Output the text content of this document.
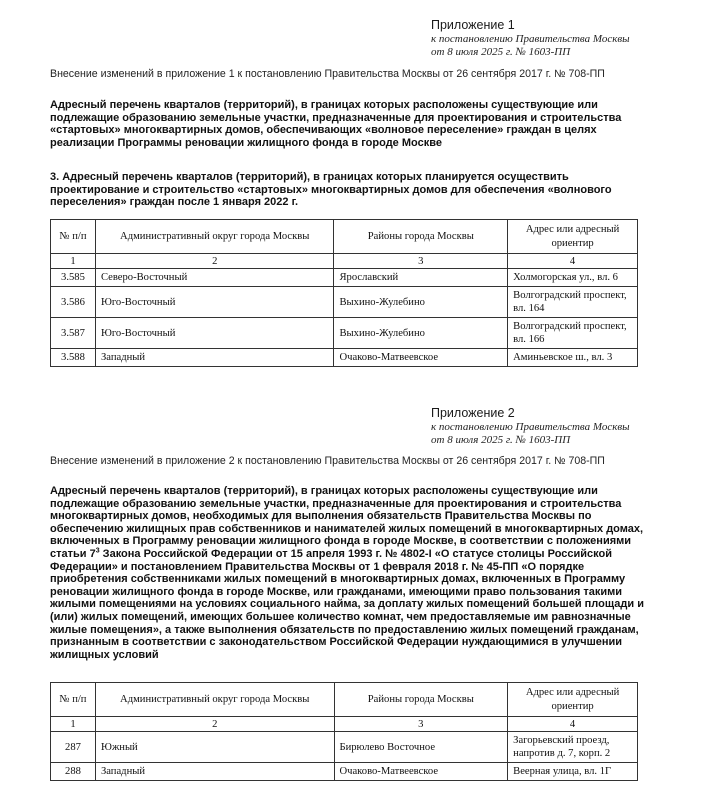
Приложение 1
к постановлению Правительства Москвы
от 8 июля 2025 г. № 1603-ПП
Внесение изменений в приложение 1 к постановлению Правительства Москвы от 26 сентября 2017 г. № 708-ПП

Адресный перечень кварталов (территорий), в границах которых расположены существующие или подлежащие образованию земельные участки, предназначенные для проектирования и строительства «стартовых» многоквартирных домов, обеспечивающих «волновое переселение» граждан в целях реализации Программы реновации жилищного фонда в городе Москве

3. Адресный перечень кварталов (территорий), в границах которых планируется осуществить проектирование и строительство «стартовых» многоквартирных домов для обеспечения «волнового переселения» граждан после 1 января 2022 г.

№ п/п	Административный округ города Москвы	Районы города Москвы	Адрес или адресный ориентир
1	2	3	4
3.585	Северо-Восточный	Ярославский	Холмогорская ул., вл. 6
3.586	Юго-Восточный	Выхино-Жулебино	Волгоградский проспект, вл. 164
3.587	Юго-Восточный	Выхино-Жулебино	Волгоградский проспект, вл. 166
3.588	Западный	Очаково-Матвеевское	Аминьевское ш., вл. 3
Приложение 2
к постановлению Правительства Москвы
от 8 июля 2025 г. № 1603-ПП
Внесение изменений в приложение 2 к постановлению Правительства Москвы от 26 сентября 2017 г. № 708-ПП

Адресный перечень кварталов (территорий), в границах которых расположены существующие или подлежащие образованию земельные участки, предназначенные для проектирования и строительства многоквартирных домов, необходимых для выполнения обязательств Правительства Москвы по обеспечению жилищных прав собственников и нанимателей жилых помещений в многоквартирных домах, включенных в Программу реновации жилищного фонда в городе Москве, в соответствии с положениями статьи $7^3$ Закона Российской Федерации от 15 апреля 1993 г. № 4802-I «О статусе столицы Российской Федерации» и постановлением Правительства Москвы от 1 февраля 2018 г. № 45-ПП «О порядке приобретения собственниками жилых помещений в многоквартирных домах, включенных в Программу реновации жилищного фонда в городе Москве, или гражданами, имеющими право пользования такими жилыми помещениями на условиях социального найма, за доплату жилых помещений большей площади и (или) жилых помещений, имеющих большее количество комнат, чем предоставляемые им равнозначные жилые помещения», а также выполнения обязательств по предоставлению жилых помещений гражданам, признанным в соответствии с законодательством Российской Федерации нуждающимися в улучшении жилищных условий

№ п/п	Административный округ города Москвы	Районы города Москвы	Адрес или адресный ориентир
1	2	3	4
287	Южный	Бирюлево Восточное	Загорьевский проезд, напротив д. 7, корп. 2
288	Западный	Очаково-Матвеевское	Веерная улица, вл. 1Г
